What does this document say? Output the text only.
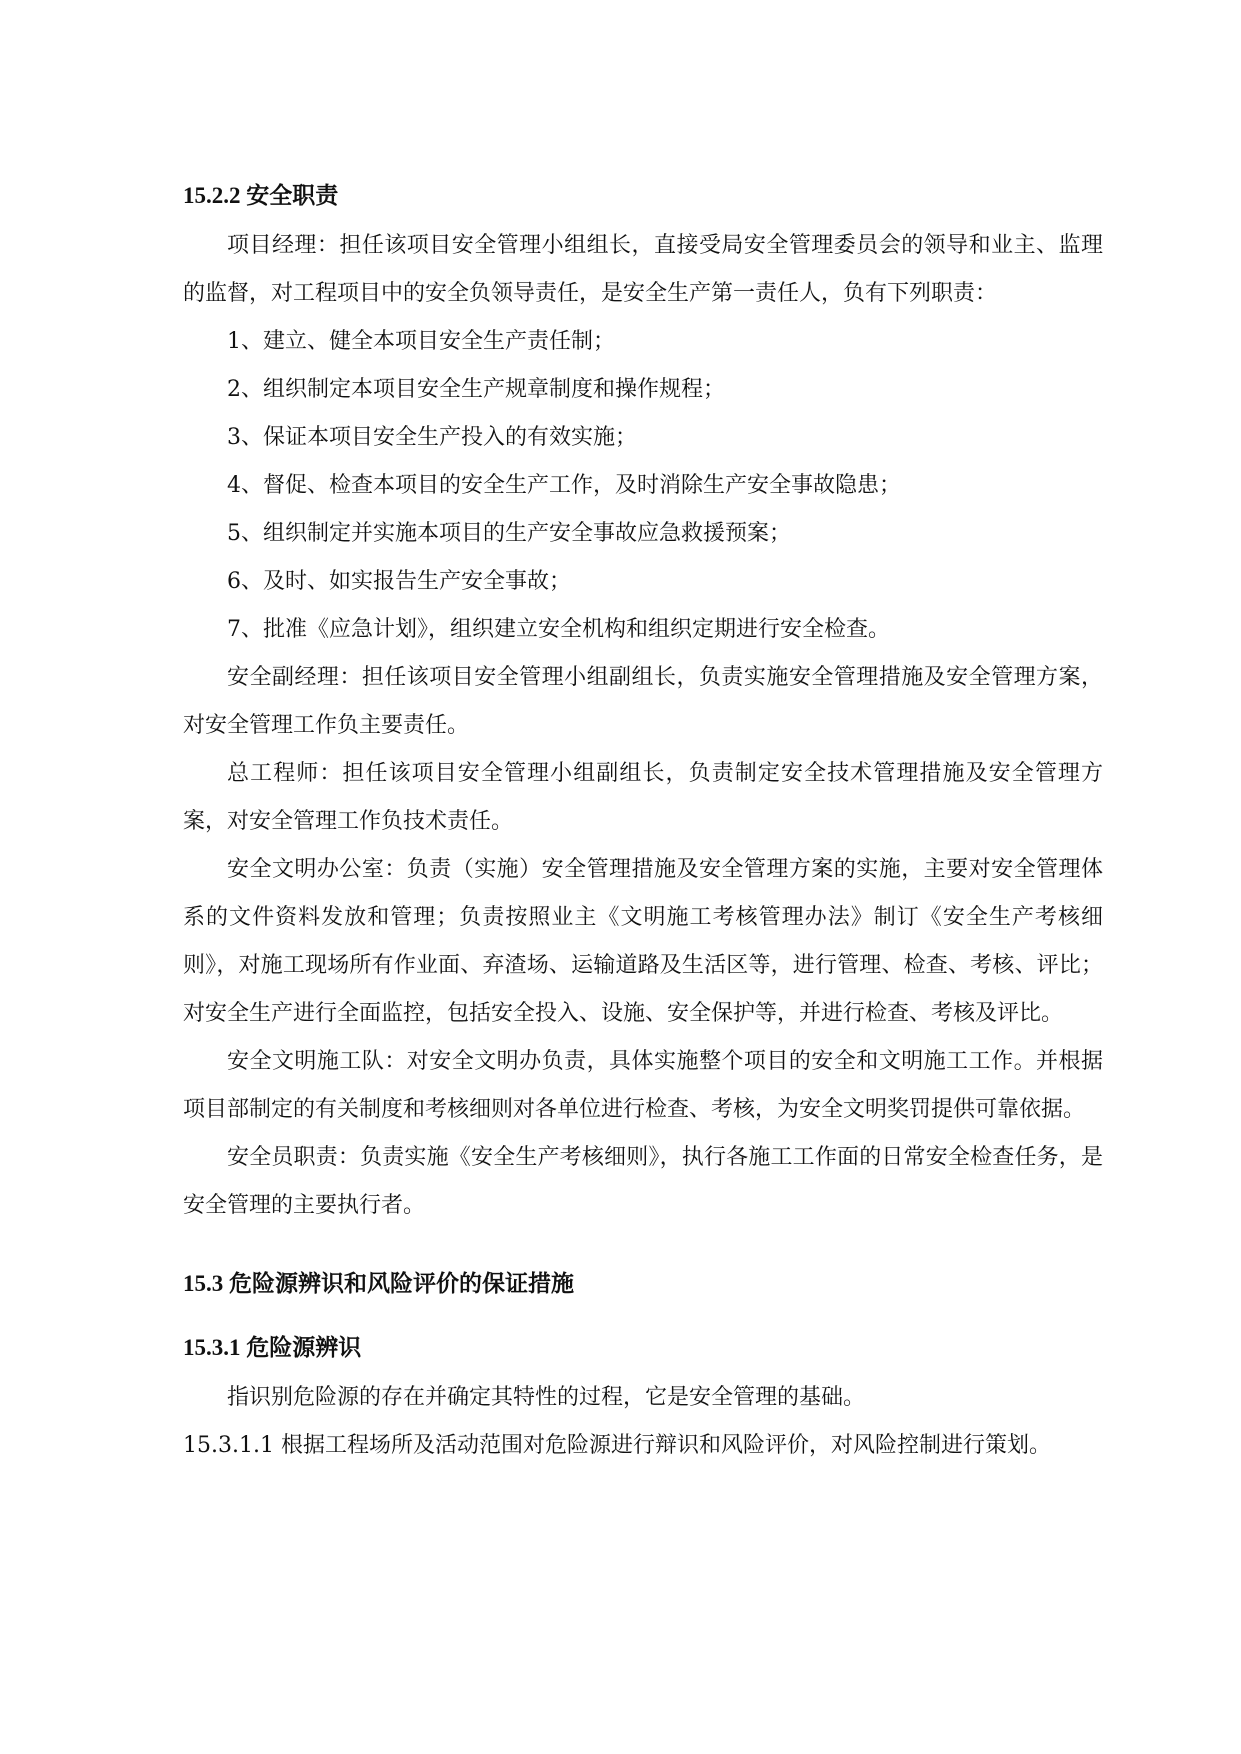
15.2.2 安全职责

项目经理：担任该项目安全管理小组组长，直接受局安全管理委员会的领导和业主、监理的监督，对工程项目中的安全负领导责任，是安全生产第一责任人，负有下列职责：

1、建立、健全本项目安全生产责任制；

2、组织制定本项目安全生产规章制度和操作规程；

3、保证本项目安全生产投入的有效实施；

4、督促、检查本项目的安全生产工作，及时消除生产安全事故隐患；

5、组织制定并实施本项目的生产安全事故应急救援预案；

6、及时、如实报告生产安全事故；

7、批准《应急计划》，组织建立安全机构和组织定期进行安全检查。

安全副经理：担任该项目安全管理小组副组长，负责实施安全管理措施及安全管理方案，对安全管理工作负主要责任。

总工程师：担任该项目安全管理小组副组长，负责制定安全技术管理措施及安全管理方案，对安全管理工作负技术责任。

安全文明办公室：负责（实施）安全管理措施及安全管理方案的实施，主要对安全管理体系的文件资料发放和管理；负责按照业主《文明施工考核管理办法》制订《安全生产考核细则》，对施工现场所有作业面、弃渣场、运输道路及生活区等，进行管理、检查、考核、评比；对安全生产进行全面监控，包括安全投入、设施、安全保护等，并进行检查、考核及评比。

安全文明施工队：对安全文明办负责，具体实施整个项目的安全和文明施工工作。并根据项目部制定的有关制度和考核细则对各单位进行检查、考核，为安全文明奖罚提供可靠依据。

安全员职责：负责实施《安全生产考核细则》，执行各施工工作面的日常安全检查任务，是安全管理的主要执行者。

15.3 危险源辨识和风险评价的保证措施
15.3.1 危险源辨识

指识别危险源的存在并确定其特性的过程，它是安全管理的基础。

15.3.1.1 根据工程场所及活动范围对危险源进行辩识和风险评价，对风险控制进行策划。
